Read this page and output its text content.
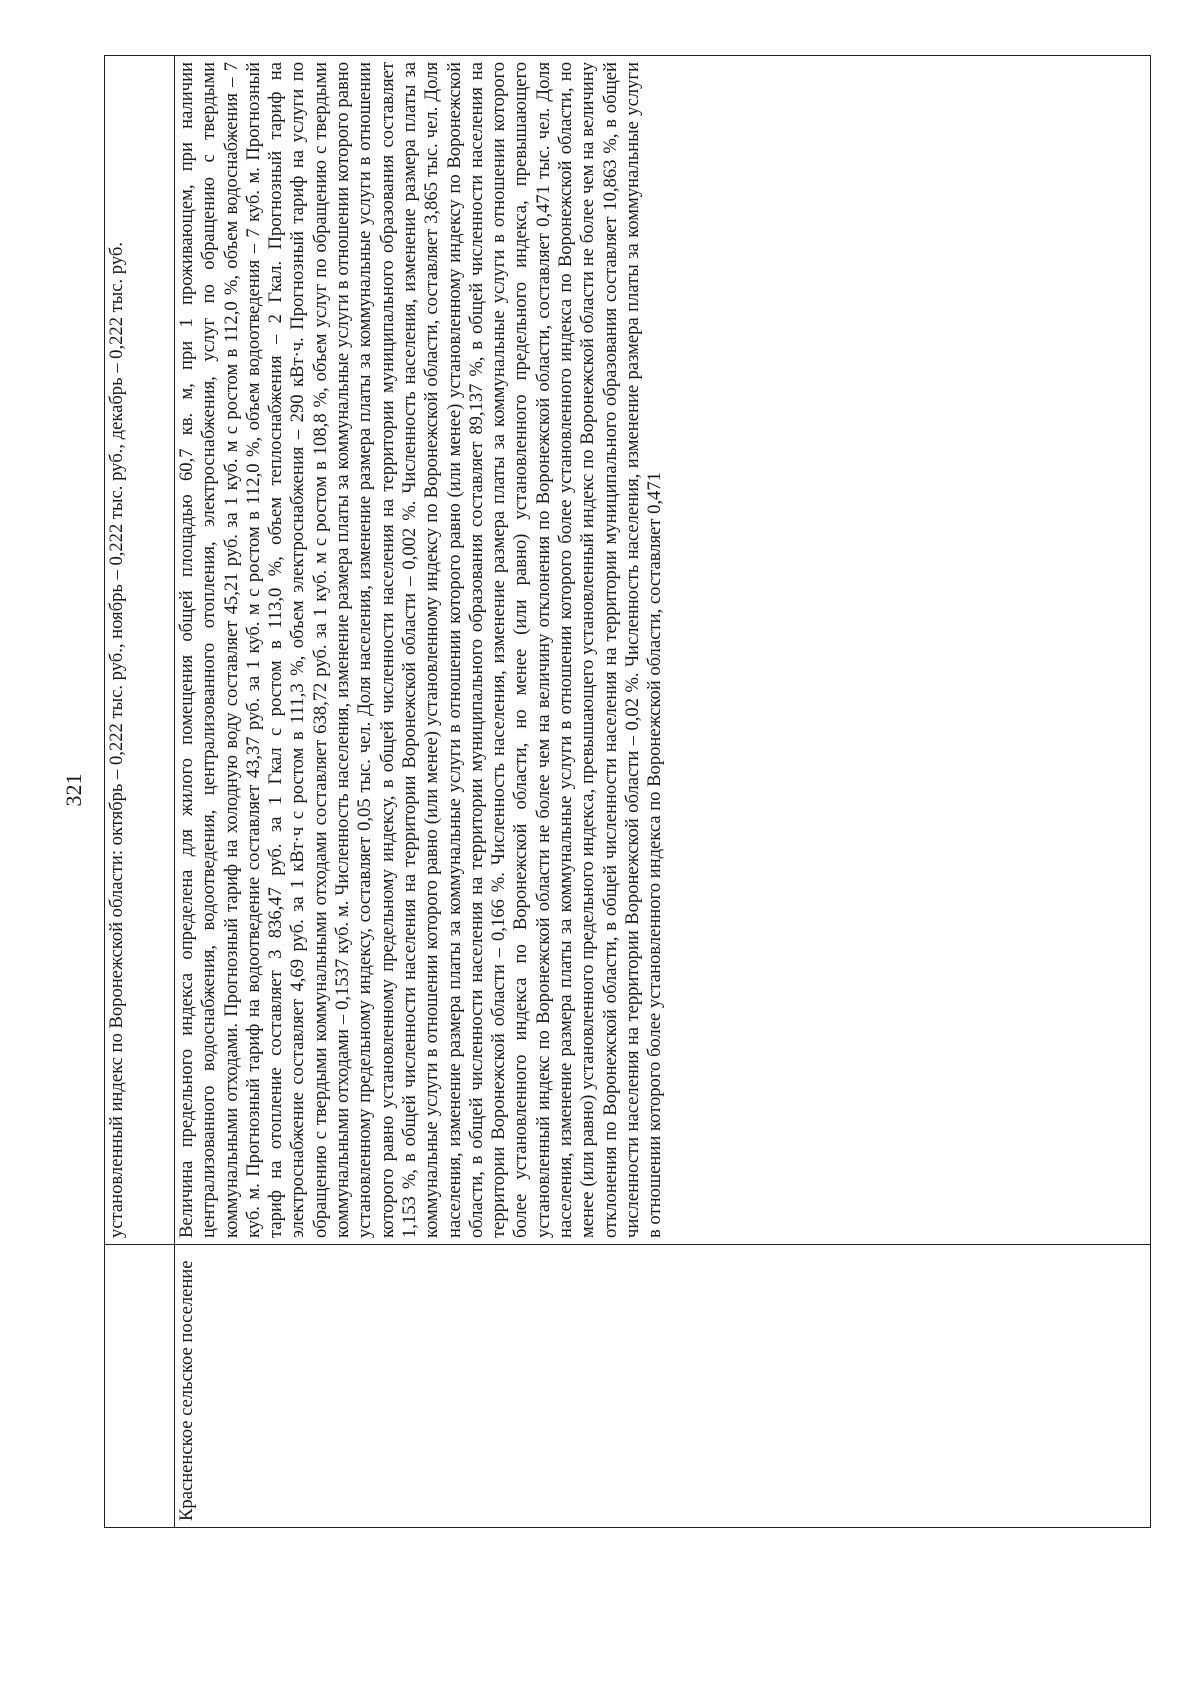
321

	установленный индекс по Воронежской области: октябрь – 0,222 тыс. руб., ноябрь – 0,222 тыс. руб., декабрь – 0,222 тыс. руб.

Красненское сельское поселение	Величина предельного индекса определена для жилого помещения общей площадью 60,7 кв. м, при 1 проживающем, при наличии централизованного водоснабжения, водоотведения, централизованного отопления, электроснабжения, услуг по обращению с твердыми коммунальными отходами. Прогнозный тариф на холодную воду составляет 45,21 руб. за 1 куб. м с ростом в 112,0 %, объем водоснабжения – 7 куб. м. Прогнозный тариф на водоотведение составляет 43,37 руб. за 1 куб. м с ростом в 112,0 %, объем водоотведения – 7 куб. м. Прогнозный тариф на отопление составляет 3 836,47 руб. за 1 Гкал с ростом в 113,0 %, объем теплоснабжения – 2 Гкал. Прогнозный тариф на электроснабжение составляет 4,69 руб. за 1 кВт·ч с ростом в 111,3 %, объем электроснабжения – 290 кВт·ч. Прогнозный тариф на услуги по обращению с твердыми коммунальными отходами составляет 638,72 руб. за 1 куб. м с ростом в 108,8 %, объем услуг по обращению с твердыми коммунальными отходами – 0,1537 куб. м. Численность населения, изменение размера платы за коммунальные услуги в отношении которого равно установленному предельному индексу, составляет 0,05 тыс. чел. Доля населения, изменение размера платы за коммунальные услуги в отношении которого равно установленному предельному индексу, в общей численности населения на территории муниципального образования составляет 1,153 %, в общей численности населения на территории Воронежской области – 0,002 %. Численность населения, изменение размера платы за коммунальные услуги в отношении которого равно (или менее) установленному индексу по Воронежской области, составляет 3,865 тыс. чел. Доля населения, изменение размера платы за коммунальные услуги в отношении которого равно (или менее) установленному индексу по Воронежской области, в общей численности населения на территории муниципального образования составляет 89,137 %, в общей численности населения на территории Воронежской области – 0,166 %. Численность населения, изменение размера платы за коммунальные услуги в отношении которого более установленного индекса по Воронежской области, но менее (или равно) установленного предельного индекса, превышающего установленный индекс по Воронежской области не более чем на величину отклонения по Воронежской области, составляет 0,471 тыс. чел. Доля населения, изменение размера платы за коммунальные услуги в отношении которого более установленного индекса по Воронежской области, но менее (или равно) установленного предельного индекса, превышающего установленный индекс по Воронежской области не более чем на величину отклонения по Воронежской области, в общей численности населения на территории муниципального образования составляет 10,863 %, в общей численности населения на территории Воронежской области – 0,02 %. Численность населения, изменение размера платы за коммунальные услуги в отношении которого более установленного индекса по Воронежской области, составляет 0,471
